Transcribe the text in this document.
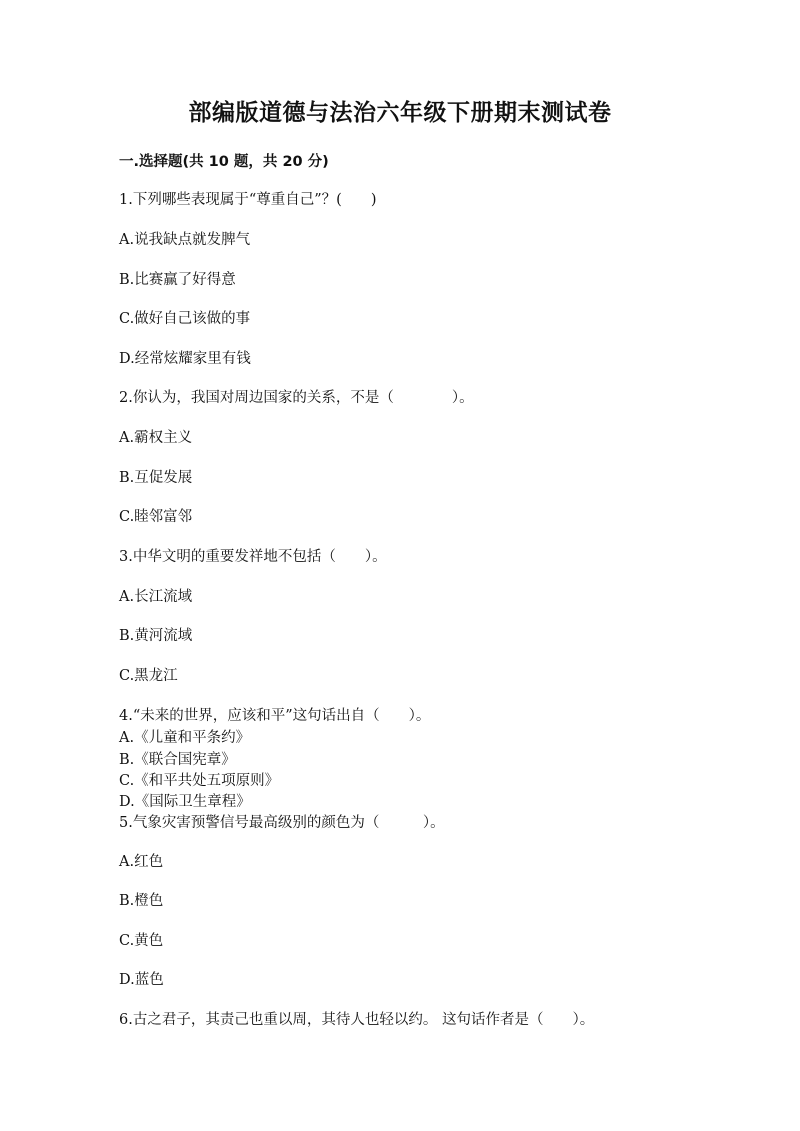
部编版道德与法治六年级下册期末测试卷
一.选择题(共 10 题，共 20 分)
1.下列哪些表现属于“尊重自己”？(　　)
A.说我缺点就发脾气
B.比赛赢了好得意
C.做好自己该做的事
D.经常炫耀家里有钱
2.你认为，我国对周边国家的关系，不是（　　　　）。
A.霸权主义
B.互促发展
C.睦邻富邻
3.中华文明的重要发祥地不包括（　　）。
A.长江流域
B.黄河流域
C.黑龙江
4.“未来的世界，应该和平”这句话出自（　　）。
A.《儿童和平条约》
B.《联合国宪章》
C.《和平共处五项原则》
D.《国际卫生章程》
5.气象灾害预警信号最高级别的颜色为（　　　）。
A.红色
B.橙色
C.黄色
D.蓝色
6.古之君子，其责己也重以周，其待人也轻以约。 这句话作者是（　　）。
